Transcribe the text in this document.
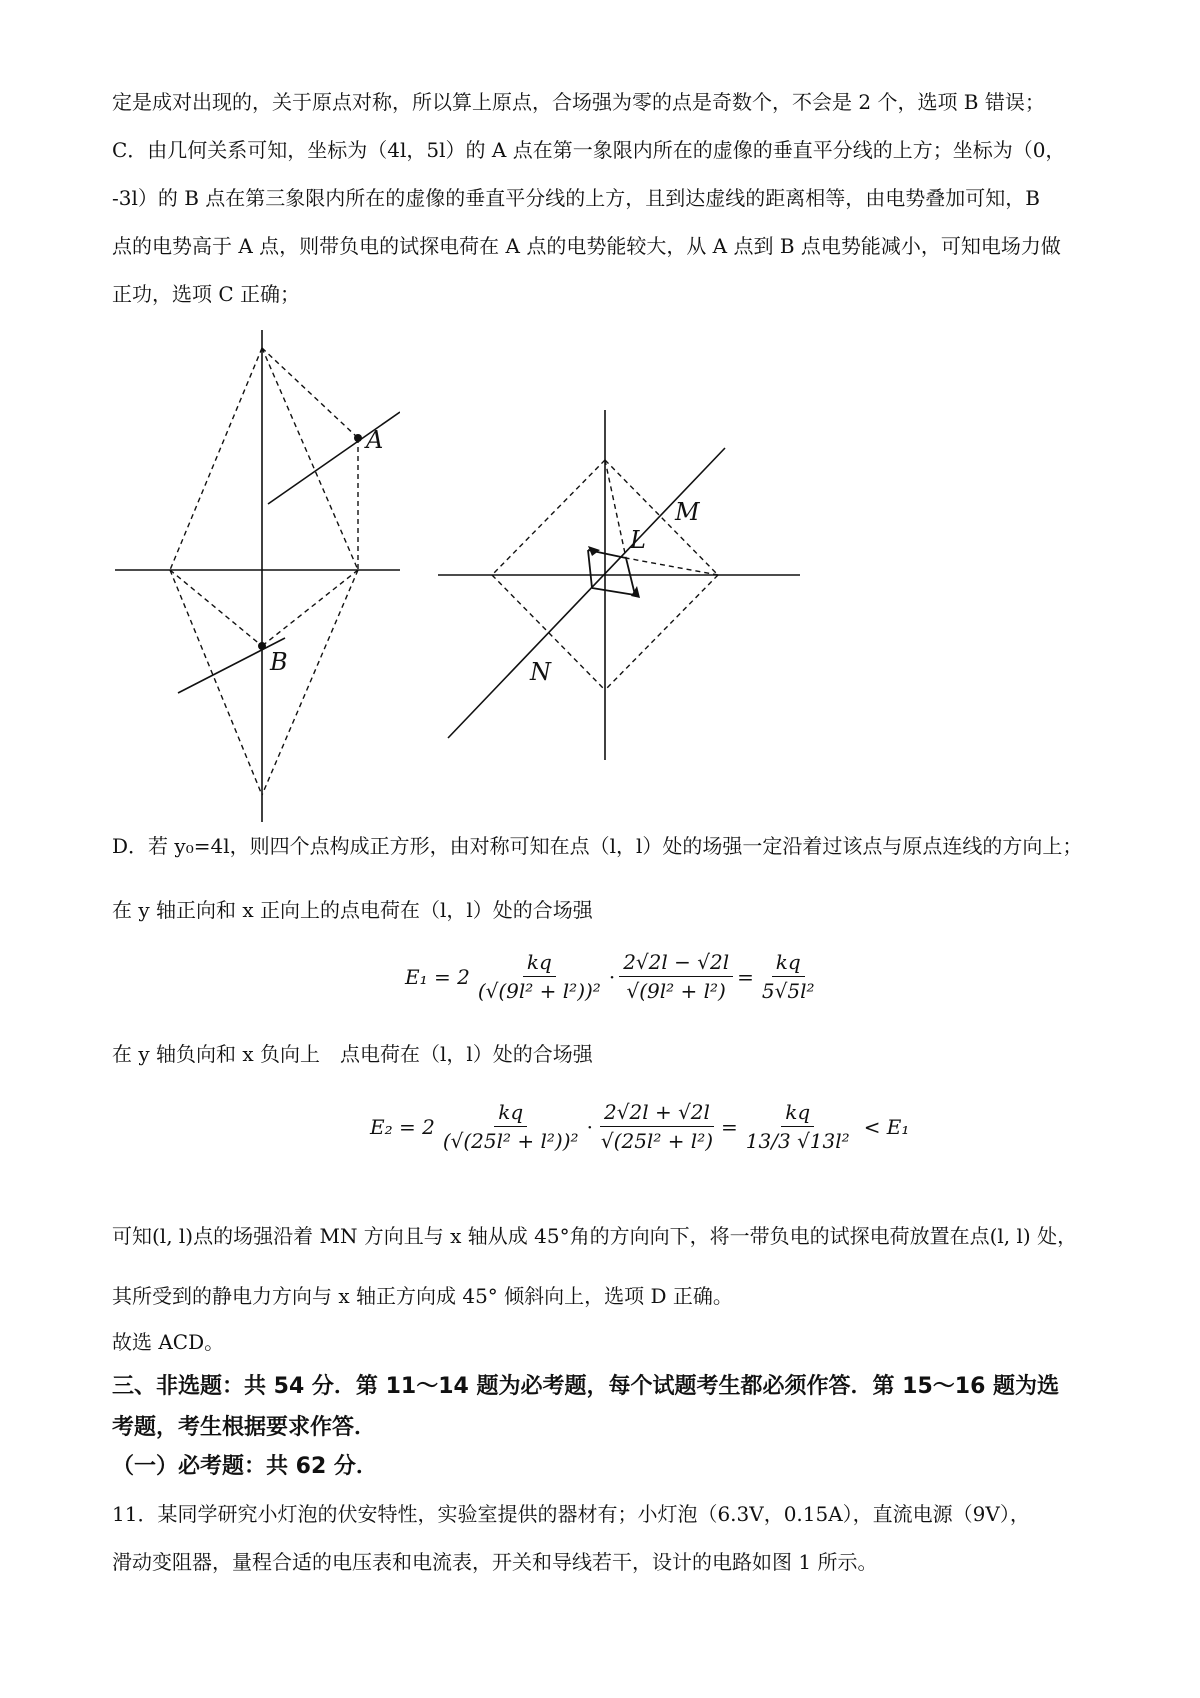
定是成对出现的，关于原点对称，所以算上原点，合场强为零的点是奇数个，不会是 2 个，选项 B 错误；
C．由几何关系可知，坐标为（4l，5l）的 A 点在第一象限内所在的虚像的垂直平分线的上方；坐标为（0，
-3l）的 B 点在第三象限内所在的虚像的垂直平分线的上方，且到达虚线的距离相等，由电势叠加可知，B
点的电势高于 A 点，则带负电的试探电荷在 A 点的电势能较大，从 A 点到 B 点电势能减小，可知电场力做
正功，选项 C 正确；
A
B
L
M
N
D．若 y₀=4l，则四个点构成正方形，由对称可知在点（l，l）处的场强一定沿着过该点与原点连线的方向上；
在 y 轴正向和 x 正向上的点电荷在（l，l）处的合场强
$E_1 = 2 \frac{kq}{\text{(√(9l² + l²))²}} \cdot \frac{2√2l - √2l}{\text{√(9l² + l²)}} = \frac{kq}{\text{5√5l²}}$
在 y 轴负向和 x 负向上　点电荷在（l，l）处的合场强
$E_2 = 2 \frac{kq}{\text{(√(25l² + l²))²}} \cdot \frac{2√2l + √2l}{\text{√(25l² + l²)}} = \frac{kq}{\text{13/3 √13l²}} < E_1$
可知(l, l)点的场强沿着 MN 方向且与 x 轴从成 45°角的方向向下，将一带负电的试探电荷放置在点(l, l) 处，
其所受到的静电力方向与 x 轴正方向成 45° 倾斜向上，选项 D 正确。
故选 ACD。
三、非选题：共 54 分．第 11～14 题为必考题，每个试题考生都必须作答．第 15～16 题为选
考题，考生根据要求作答．
（一）必考题：共 62 分．
11．某同学研究小灯泡的伏安特性，实验室提供的器材有；小灯泡（6.3V，0.15A），直流电源（9V），
滑动变阻器，量程合适的电压表和电流表，开关和导线若干，设计的电路如图 1 所示。
